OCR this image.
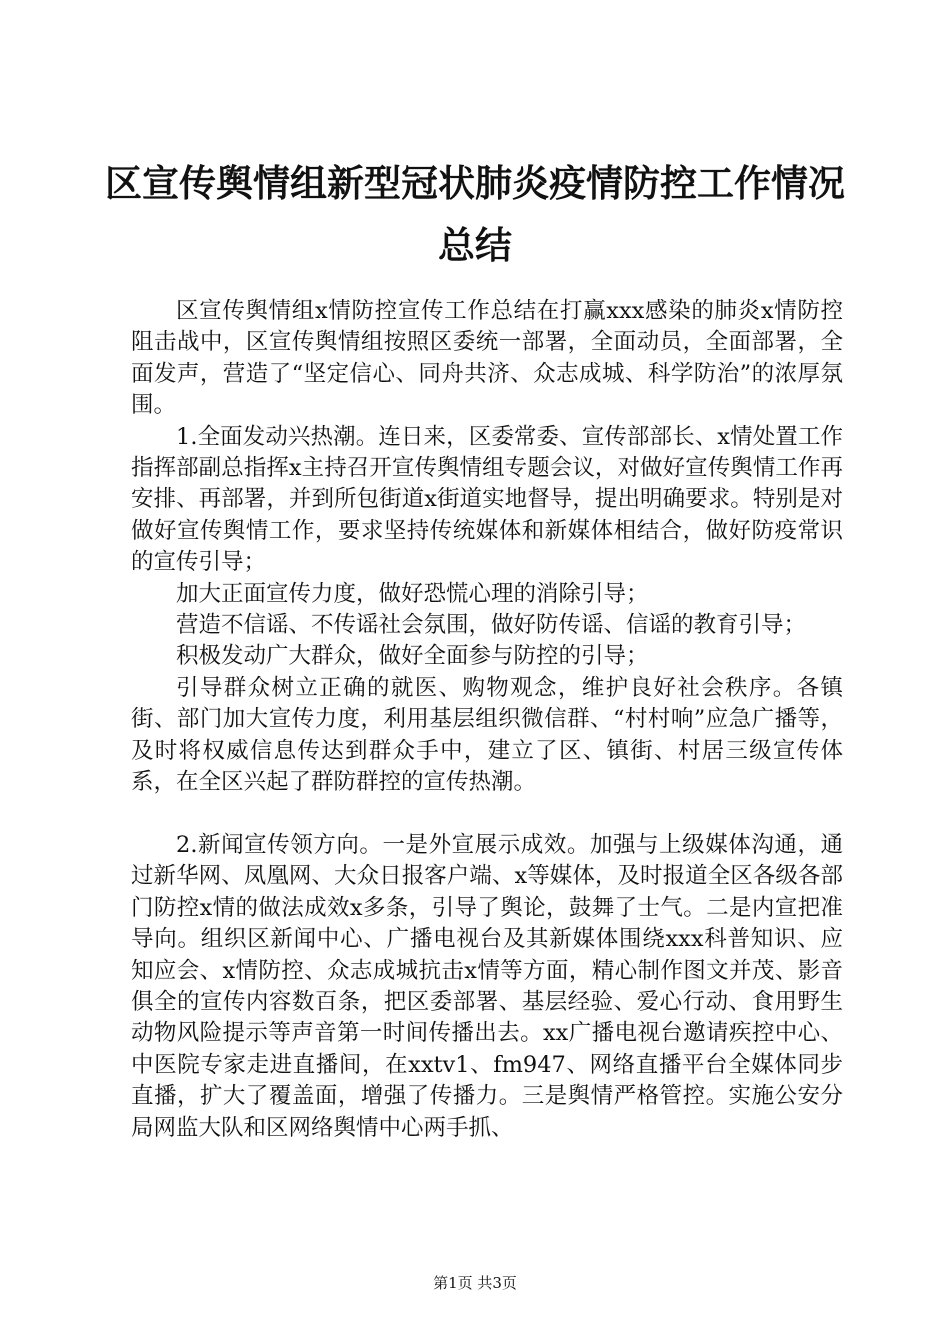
区宣传舆情组新型冠状肺炎疫情防控工作情况
总结

区宣传舆情组x情防控宣传工作总结在打赢xxx感染的肺炎x情防控阻击战中，区宣传舆情组按照区委统一部署，全面动员，全面部署，全面发声，营造了“坚定信心、同舟共济、众志成城、科学防治”的浓厚氛围。

1.全面发动兴热潮。连日来，区委常委、宣传部部长、x情处置工作指挥部副总指挥x主持召开宣传舆情组专题会议，对做好宣传舆情工作再安排、再部署，并到所包街道x街道实地督导，提出明确要求。特别是对做好宣传舆情工作，要求坚持传统媒体和新媒体相结合，做好防疫常识的宣传引导；

加大正面宣传力度，做好恐慌心理的消除引导；

营造不信谣、不传谣社会氛围，做好防传谣、信谣的教育引导；

积极发动广大群众，做好全面参与防控的引导；

引导群众树立正确的就医、购物观念，维护良好社会秩序。各镇街、部门加大宣传力度，利用基层组织微信群、“村村响”应急广播等，及时将权威信息传达到群众手中，建立了区、镇街、村居三级宣传体系，在全区兴起了群防群控的宣传热潮。

2.新闻宣传领方向。一是外宣展示成效。加强与上级媒体沟通，通过新华网、凤凰网、大众日报客户端、x等媒体，及时报道全区各级各部门防控x情的做法成效x多条，引导了舆论，鼓舞了士气。二是内宣把准导向。组织区新闻中心、广播电视台及其新媒体围绕xxx科普知识、应知应会、x情防控、众志成城抗击x情等方面，精心制作图文并茂、影音俱全的宣传内容数百条，把区委部署、基层经验、爱心行动、食用野生动物风险提示等声音第一时间传播出去。xx广播电视台邀请疾控中心、中医院专家走进直播间，在xxtv1、fm947、网络直播平台全媒体同步直播，扩大了覆盖面，增强了传播力。三是舆情严格管控。实施公安分局网监大队和区网络舆情中心两手抓、

第1页 共3页
